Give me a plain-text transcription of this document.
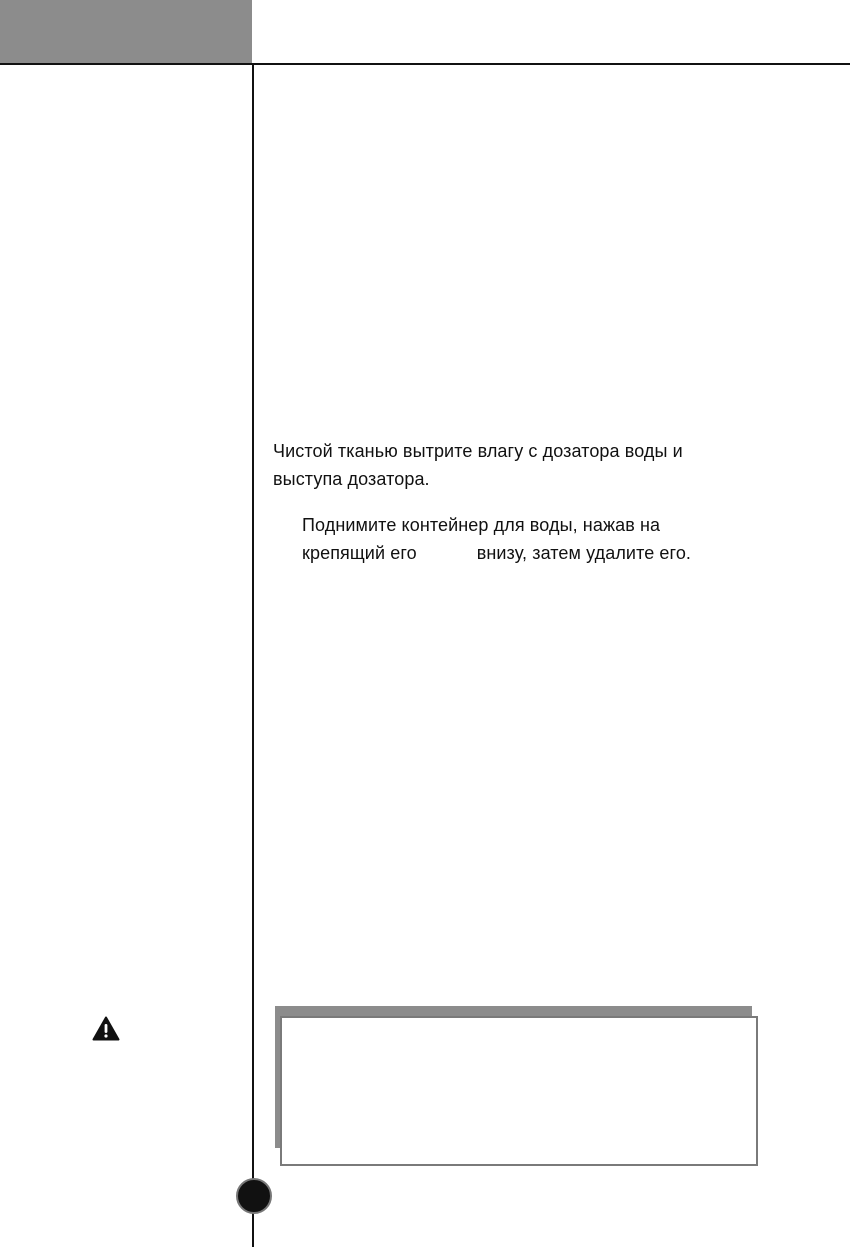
Чистой тканью вытрите влагу с дозатора воды и
выступа дозатора.

Поднимите контейнер для воды, нажав на
крепящий его	внизу, затем удалите его.
